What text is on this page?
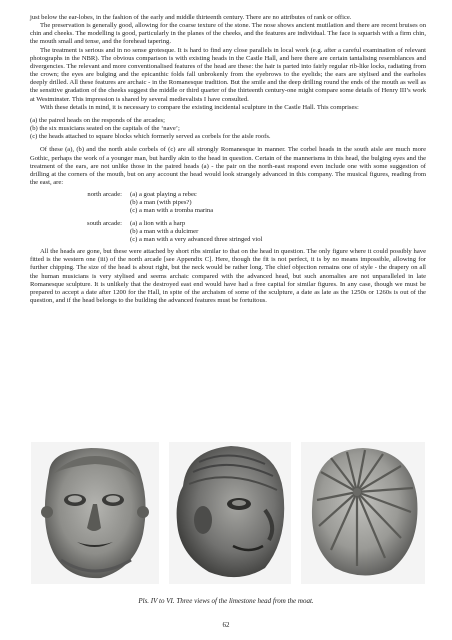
just below the ear-lobes, in the fashion of the early and middle thirteenth century. There are no attributes of rank or office.

The preservation is generally good, allowing for the coarse texture of the stone. The nose shows ancient mutilation and there are recent bruises on chin and cheeks. The modelling is good, particularly in the planes of the cheeks, and the features are individual. The face is squarish with a firm chin, the mouth small and tense, and the forehead tapering.

The treatment is serious and in no sense grotesque. It is hard to find any close parallels in local work (e.g. after a careful examination of relevant photographs in the NBR). The obvious comparison is with existing heads in the Castle Hall, and here there are certain tantalising resemblances and divergencies. The relevant and more conventionalised features of the head are these: the hair is parted into fairly regular rib-like locks, radiating from the crown; the eyes are bulging and the epicanthic folds fall unbrokenly from the eyebrows to the eyelids; the ears are stylised and the earholes deeply drilled. All these features are archaic - in the Romanesque tradition. But the smile and the deep drilling round the ends of the mouth as well as the sensitive gradation of the cheeks suggest the middle or third quarter of the thirteenth century-one might compare some details of Henry III’s work at Westminster. This impression is shared by several medievalists I have consulted.

With these details in mind, it is necessary to compare the existing incidental sculpture in the Castle Hall. This comprises:

(a) the paired heads on the responds of the arcades;

(b) the six musicians seated on the capitals of the ‘nave’;

(c) the heads attached to square blocks which formerly served as corbels for the aisle roofs.

Of these (a), (b) and the north aisle corbels of (c) are all strongly Romanesque in manner. The corbel heads in the south aisle are much more Gothic, perhaps the work of a younger man, but hardly akin to the head in question. Certain of the mannerisms in this head, the bulging eyes and the treatment of the ears, are not unlike those in the paired heads (a) - the pair on the north-east respond even include one with some suggestion of drilling at the corners of the mouth, but on any account the head would look strangely advanced in this company. The musical figures, reading from the east, are:

north arcade:	(a) a goat playing a rebec
(b) a man (with pipes?)
(c) a man with a tromba marina
south arcade:	(a) a lion with a harp
(b) a man with a dulcimer
(c) a man with a very advanced three stringed viol

All the heads are gone, but these were attached by short ribs similar to that on the head in question. The only figure where it could possibly have fitted is the western one (iii) of the north arcade [see Appendix C]. Here, though the fit is not perfect, it is by no means impossible, allowing for further chipping. The size of the head is about right, but the neck would be rather long. The chief objection remains one of style - the drapery on all the human musicians is very stylised and seems archaic compared with the advanced head, but such anomalies are not unparalleled in late Romanesque sculpture. It is unlikely that the destroyed east end would have had a free capital for similar figures. In any case, though we must be prepared to accept a date after 1200 for the Hall, in spite of the archaism of some of the sculpture, a date as late as the 1250s or 1260s is out of the question, and if the head belongs to the building the advanced features must be fortuitous.

Pls. IV to VI. Three views of the limestone head from the moat.
62
